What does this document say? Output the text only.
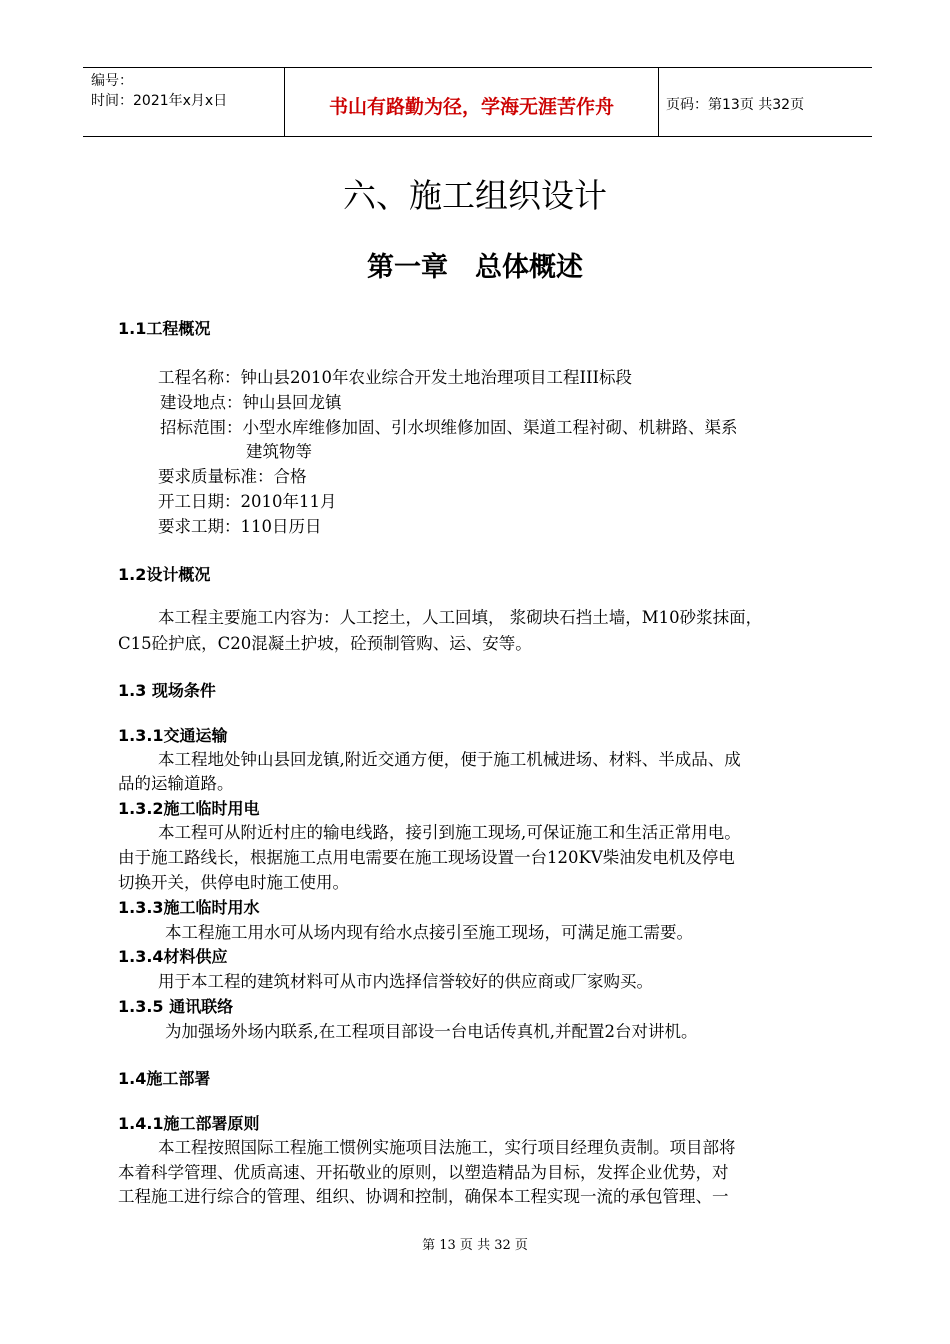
编号：
时间：2021年x月x日	书山有路勤为径，学海无涯苦作舟	页码：第13页 共32页
六、施工组织设计
第一章　总体概述
1.1工程概况
工程名称：钟山县2010年农业综合开发土地治理项目工程III标段
建设地点：钟山县回龙镇
招标范围：小型水库维修加固、引水坝维修加固、渠道工程衬砌、机耕路、渠系
建筑物等
要求质量标准：合格
开工日期：2010年11月
要求工期：110日历日
1.2设计概况
本工程主要施工内容为：人工挖土，人工回填， 浆砌块石挡土墙，M10砂浆抹面，
C15砼护底，C20混凝土护坡，砼预制管购、运、安等。
1.3 现场条件
1.3.1交通运输
本工程地处钟山县回龙镇,附近交通方便，便于施工机械进场、材料、半成品、成
品的运输道路。
1.3.2施工临时用电
本工程可从附近村庄的输电线路，接引到施工现场,可保证施工和生活正常用电。
由于施工路线长，根据施工点用电需要在施工现场设置一台120KV柴油发电机及停电
切换开关，供停电时施工使用。
1.3.3施工临时用水
本工程施工用水可从场内现有给水点接引至施工现场，可满足施工需要。
1.3.4材料供应
用于本工程的建筑材料可从市内选择信誉较好的供应商或厂家购买。
1.3.5 通讯联络
为加强场外场内联系,在工程项目部设一台电话传真机,并配置2台对讲机。
1.4施工部署
1.4.1施工部署原则
本工程按照国际工程施工惯例实施项目法施工，实行项目经理负责制。项目部将
本着科学管理、优质高速、开拓敬业的原则，以塑造精品为目标，发挥企业优势，对
工程施工进行综合的管理、组织、协调和控制，确保本工程实现一流的承包管理、一
第 13 页 共 32 页
